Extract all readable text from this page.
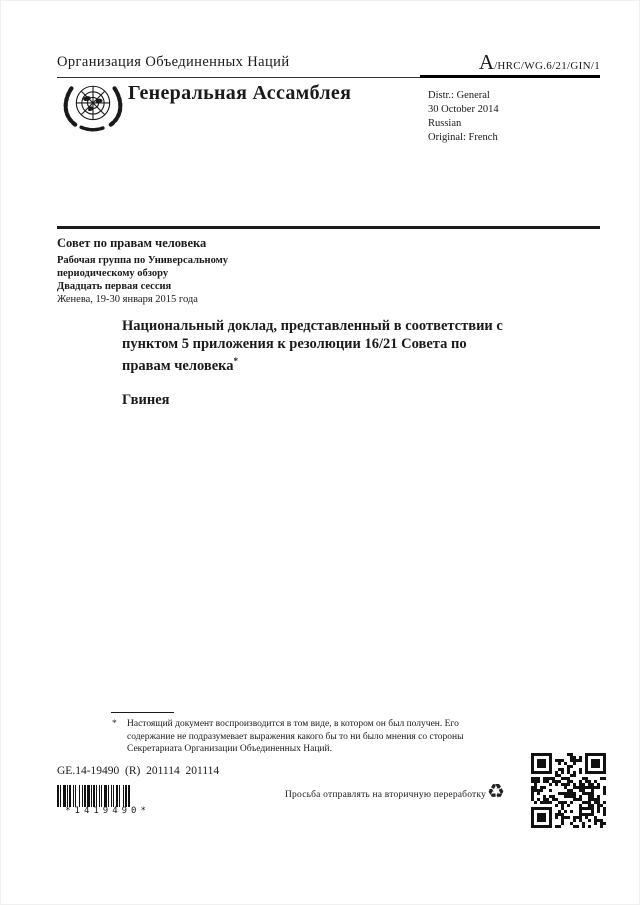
Организация Объединенных Наций	A/HRC/WG.6/21/GIN/1
Генеральная Ассамблея	Distr.: General
30 October 2014
Russian
Original: French
Совет по правам человека
Рабочая группа по Универсальному
периодическому обзору
Двадцать первая сессия
Женева, 19-30 января 2015 года
Национальный доклад, представленный в соответствии с пунктом 5 приложения к резолюции 16/21 Совета по правам человека*
Гвинея
* Настоящий документ воспроизводится в том виде, в котором он был получен. Его содержание не подразумевает выражения какого бы то ни было мнения со стороны Секретариата Организации Объединенных Наций.
GE.14-19490  (R)  201114  201114
*1419490*
Просьба отправлять на вторичную переработку ♻
